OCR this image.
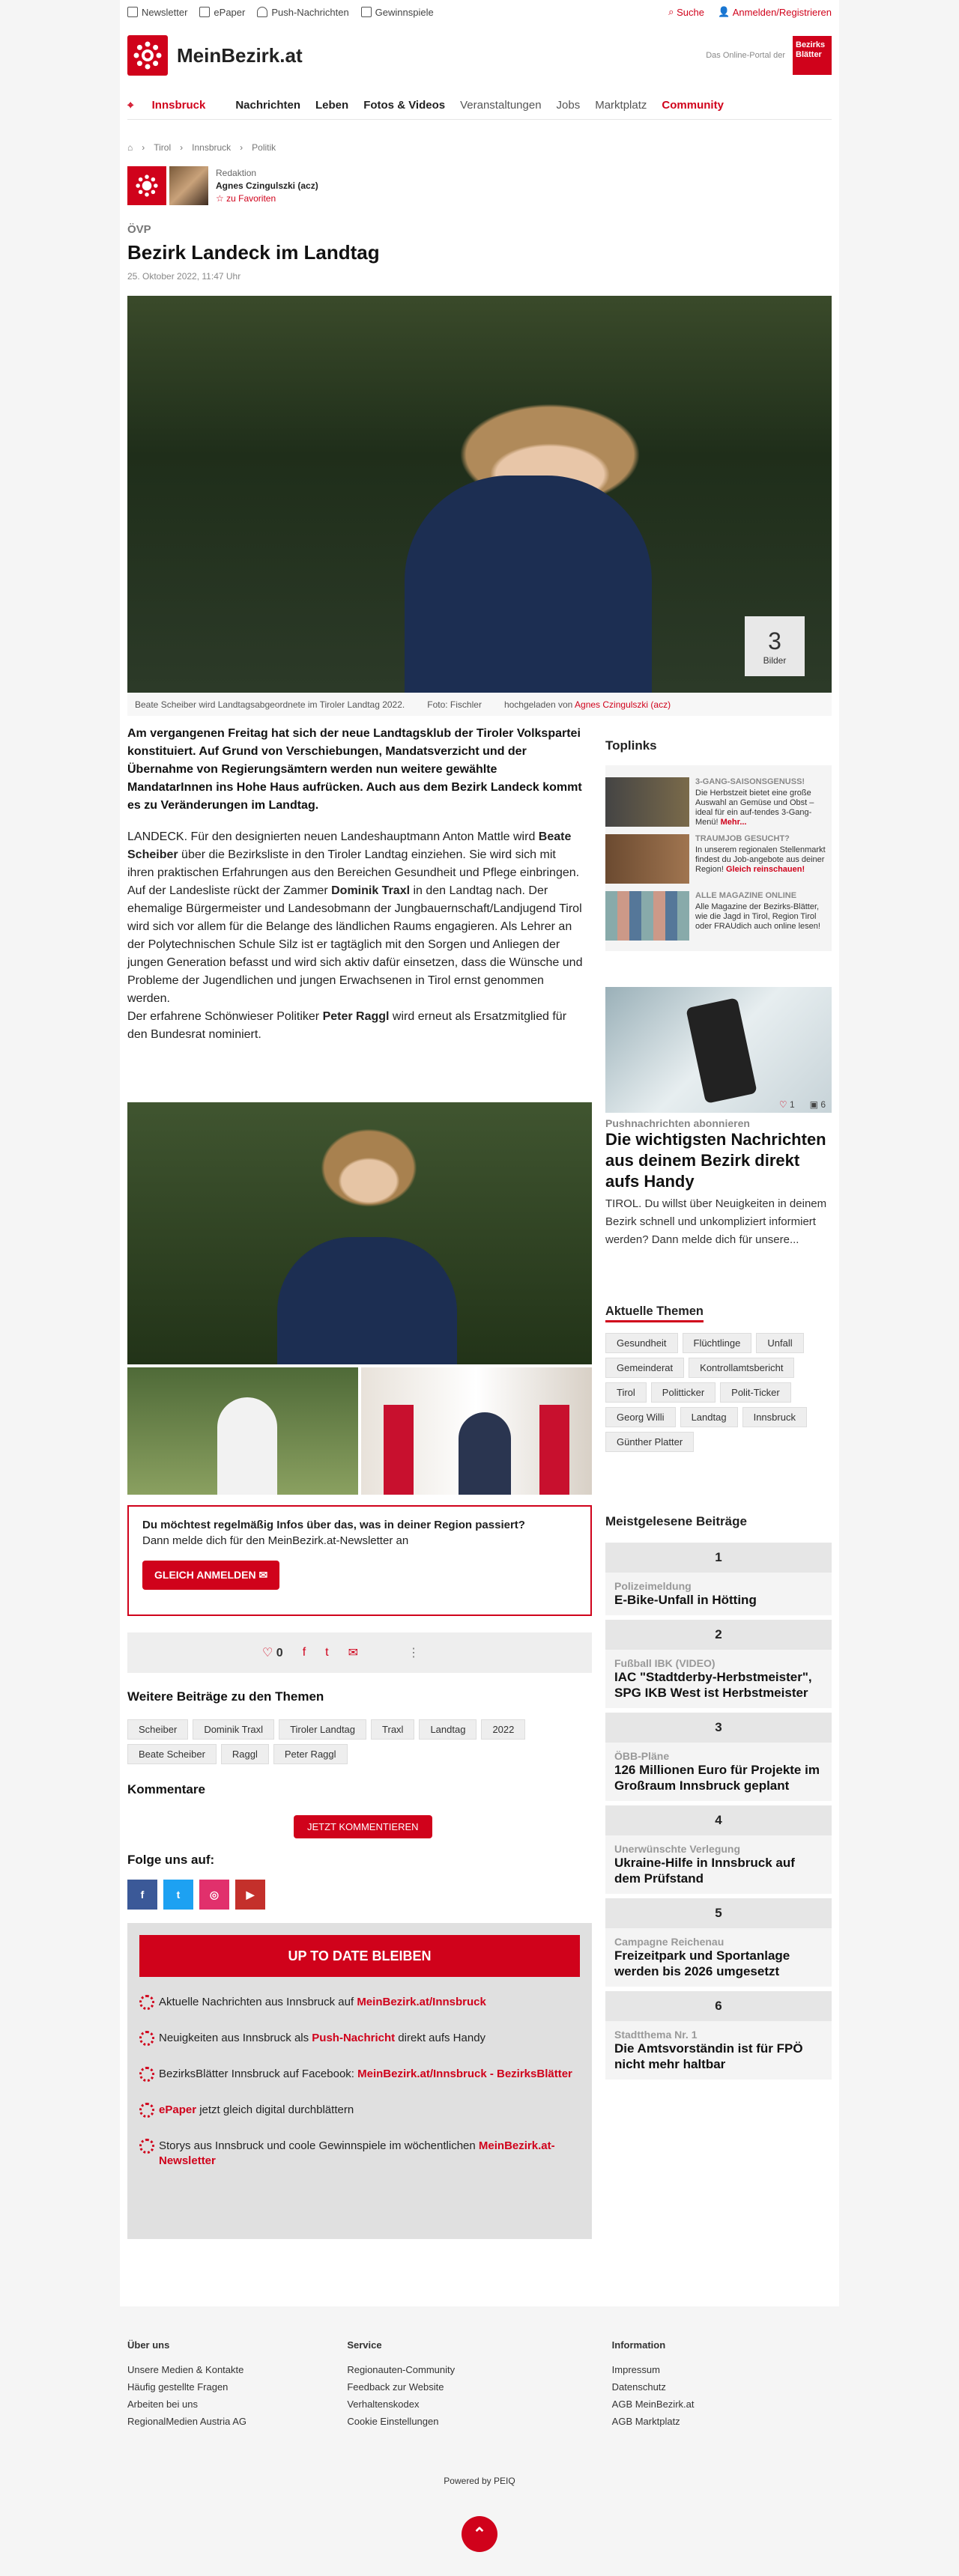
Newsletter	ePaper	Push-Nachrichten	Gewinnspiele	⌕ Suche 👤 Anmelden/Registrieren
MeinBezirk.at	Das Online-Portal der
Bezirks Blätter
⌖ Innsbruck	Nachrichten Leben Fotos & Videos Veranstaltungen Jobs Marktplatz Community
⌂ › Tirol › Innsbruck › Politik
Redaktion
Agnes Czingulszki (acz)
☆ zu Favoriten
ÖVP
Bezirk Landeck im Landtag
25. Oktober 2022, 11:47 Uhr
3
Bilder
Beate Scheiber wird Landtagsabgeordnete im Tiroler Landtag 2022.	Foto: Fischler	hochgeladen von Agnes Czingulszki (acz)

Am vergangenen Freitag hat sich der neue Landtagsklub der Tiroler Volkspartei konstituiert. Auf Grund von Verschiebungen, Mandatsverzicht und der Übernahme von Regierungsämtern werden nun weitere gewählte MandatarInnen ins Hohe Haus aufrücken. Auch aus dem Bezirk Landeck kommt es zu Veränderungen im Landtag.

LANDECK. Für den designierten neuen Landeshauptmann Anton Mattle wird Beate Scheiber über die Bezirksliste in den Tiroler Landtag einziehen. Sie wird sich mit ihren praktischen Erfahrungen aus den Bereichen Gesundheit und Pflege einbringen. Auf der Landesliste rückt der Zammer Dominik Traxl in den Landtag nach. Der ehemalige Bürgermeister und Landesobmann der Jungbauernschaft/Landjugend Tirol wird sich vor allem für die Belange des ländlichen Raums engagieren. Als Lehrer an der Polytechnischen Schule Silz ist er tagtäglich mit den Sorgen und Anliegen der jungen Generation befasst und wird sich aktiv dafür einsetzen, dass die Wünsche und Probleme der Jugendlichen und jungen Erwachsenen in Tirol ernst genommen werden.

Der erfahrene Schönwieser Politiker Peter Raggl wird erneut als Ersatzmitglied für den Bundesrat nominiert.

Du möchtest regelmäßig Infos über das, was in deiner Region passiert?
Dann melde dich für den MeinBezirk.at-Newsletter an
GLEICH ANMELDEN ✉
♡ 0 f t ✉	⋮
Weitere Beiträge zu den Themen
Scheiber	Dominik Traxl	Tiroler Landtag	Traxl	Landtag	2022
Beate Scheiber	Raggl	Peter Raggl
Kommentare
JETZT KOMMENTIEREN
Folge uns auf:
f	t	◎	▶
UP TO DATE BLEIBEN
Aktuelle Nachrichten aus Innsbruck auf MeinBezirk.at/Innsbruck
Neuigkeiten aus Innsbruck als Push-Nachricht direkt aufs Handy
BezirksBlätter Innsbruck auf Facebook: MeinBezirk.at/Innsbruck - BezirksBlätter
ePaper jetzt gleich digital durchblättern
Storys aus Innsbruck und coole Gewinnspiele im wöchentlichen MeinBezirk.at-Newsletter
Toplinks
3-GANG-SAISONSGENUSS!
Die Herbstzeit bietet eine große Auswahl an Gemüse und Obst – ideal für ein auf-tendes 3-Gang-Menü! Mehr...
TRAUMJOB GESUCHT?
In unserem regionalen Stellenmarkt findest du Job-angebote aus deiner Region! Gleich reinschauen!
ALLE MAGAZINE ONLINE
Alle Magazine der Bezirks-Blätter, wie die Jagd in Tirol, Region Tirol oder FRAUdich auch online lesen!
♡ 1 ▣ 6
Pushnachrichten abonnieren
Die wichtigsten Nachrichten aus deinem Bezirk direkt aufs Handy
TIROL. Du willst über Neuigkeiten in deinem Bezirk schnell und unkompliziert informiert werden? Dann melde dich für unsere...
Aktuelle Themen
Gesundheit	Flüchtlinge	Unfall
Gemeinderat	Kontrollamtsbericht
Tirol	Politticker	Polit-Ticker
Georg Willi	Landtag	Innsbruck
Günther Platter
Meistgelesene Beiträge
1
Polizeimeldung
E-Bike-Unfall in Hötting
2
Fußball IBK (VIDEO)
IAC "Stadtderby-Herbstmeister", SPG IKB West ist Herbstmeister
3
ÖBB-Pläne
126 Millionen Euro für Projekte im Großraum Innsbruck geplant
4
Unerwünschte Verlegung
Ukraine-Hilfe in Innsbruck auf dem Prüfstand
5
Campagne Reichenau
Freizeitpark und Sportanlage werden bis 2026 umgesetzt
6
Stadtthema Nr. 1
Die Amtsvorständin ist für FPÖ nicht mehr haltbar
Über uns
Unsere Medien & Kontakte
Häufig gestellte Fragen
Arbeiten bei uns
RegionalMedien Austria AG
Service
Regionauten-Community
Feedback zur Website
Verhaltenskodex
Cookie Einstellungen
Information
Impressum
Datenschutz
AGB MeinBezirk.at
AGB Marktplatz
Powered by PEIQ
⌃
